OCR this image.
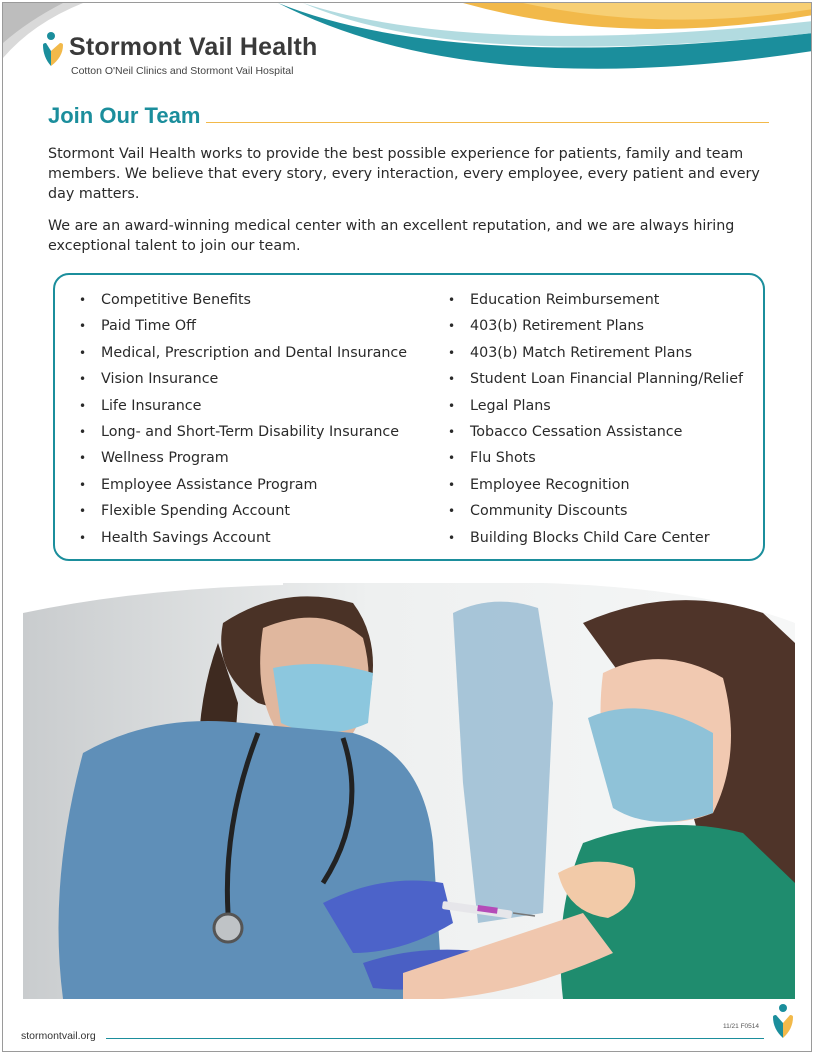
Stormont Vail Health
Cotton O'Neil Clinics and Stormont Vail Hospital
Join Our Team

Stormont Vail Health works to provide the best possible experience for patients, family and team members. We believe that every story, every interaction, every employee, every patient and every day matters.

We are an award-winning medical center with an excellent reputation, and we are always hiring exceptional talent to join our team.

• Competitive Benefits
• Paid Time Off
• Medical, Prescription and Dental Insurance
• Vision Insurance
• Life Insurance
• Long- and Short-Term Disability Insurance
• Wellness Program
• Employee Assistance Program
• Flexible Spending Account
• Health Savings Account
• Education Reimbursement
• 403(b) Retirement Plans
• 403(b) Match Retirement Plans
• Student Loan Financial Planning/Relief
• Legal Plans
• Tobacco Cessation Assistance
• Flu Shots
• Employee Recognition
• Community Discounts
• Building Blocks Child Care Center
stormontvail.org
11/21 F0514
